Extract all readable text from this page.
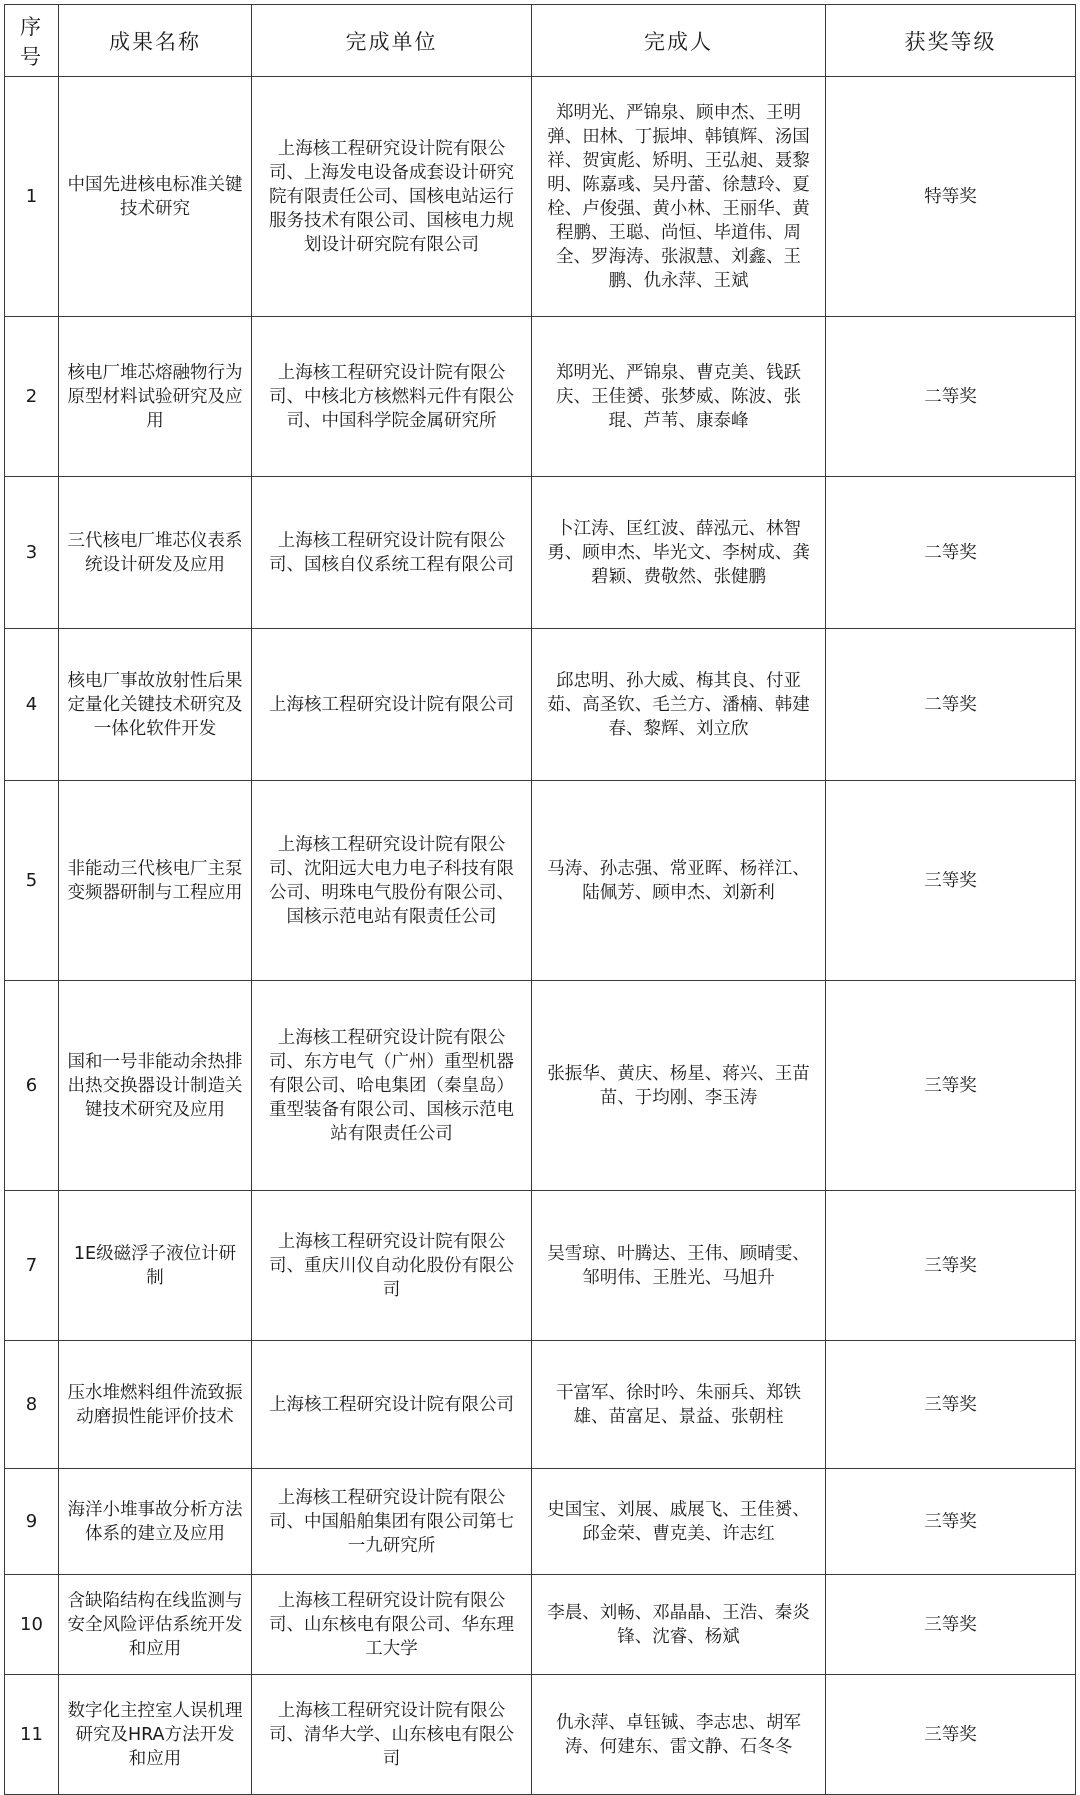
序号	成果名称	完成单位	完成人	获奖等级
1	中国先进核电标准关键技术研究	上海核工程研究设计院有限公司、上海发电设备成套设计研究院有限责任公司、国核电站运行服务技术有限公司、国核电力规划设计研究院有限公司	郑明光、严锦泉、顾申杰、王明弹、田林、丁振坤、韩镇辉、汤国祥、贺寅彪、矫明、王弘昶、聂黎明、陈嘉彧、吴丹蕾、徐慧玲、夏栓、卢俊强、黄小林、王丽华、黄程鹏、王聪、尚恒、毕道伟、周全、罗海涛、张淑慧、刘鑫、王鹏、仇永萍、王斌	特等奖
2	核电厂堆芯熔融物行为原型材料试验研究及应用	上海核工程研究设计院有限公司、中核北方核燃料元件有限公司、中国科学院金属研究所	郑明光、严锦泉、曹克美、钱跃庆、王佳赟、张梦威、陈波、张琨、芦苇、康泰峰	二等奖
3	三代核电厂堆芯仪表系统设计研发及应用	上海核工程研究设计院有限公司、国核自仪系统工程有限公司	卜江涛、匡红波、薛泓元、林智勇、顾申杰、毕光文、李树成、龚碧颖、费敬然、张健鹏	二等奖
4	核电厂事故放射性后果定量化关键技术研究及 一体化软件开发	上海核工程研究设计院有限公司	邱忠明、孙大威、梅其良、付亚茹、高圣钦、毛兰方、潘楠、韩建春、黎辉、刘立欣	二等奖
5	非能动三代核电厂主泵变频器研制与工程应用	上海核工程研究设计院有限公司、沈阳远大电力电子科技有限公司、明珠电气股份有限公司、国核示范电站有限责任公司	马涛、孙志强、常亚晖、杨祥江、陆佩芳、顾申杰、刘新利	三等奖
6	国和一号非能动余热排出热交换器设计制造关键技术研究及应用	上海核工程研究设计院有限公司、东方电气（广州）重型机器有限公司、哈电集团（秦皇岛）重型装备有限公司、国核示范电站有限责任公司	张振华、黄庆、杨星、蒋兴、王苗苗、于均刚、李玉涛	三等奖
7	1E级磁浮子液位计研制	上海核工程研究设计院有限公司、重庆川仪自动化股份有限公司	吴雪琼、叶腾达、王伟、顾晴雯、邹明伟、王胜光、马旭升	三等奖
8	压水堆燃料组件流致振动磨损性能评价技术	上海核工程研究设计院有限公司	干富军、徐时吟、朱丽兵、郑铁雄、苗富足、景益、张朝柱	三等奖
9	海洋小堆事故分析方法体系的建立及应用	上海核工程研究设计院有限公司、中国船舶集团有限公司第七一九研究所	史国宝、刘展、戚展飞、王佳赟、邱金荣、曹克美、许志红	三等奖
10	含缺陷结构在线监测与安全风险评估系统开发和应用	上海核工程研究设计院有限公司、山东核电有限公司、华东理工大学	李晨、刘畅、邓晶晶、王浩、秦炎锋、沈睿、杨斌	三等奖
11	数字化主控室人误机理研究及HRA方法开发和应用	上海核工程研究设计院有限公司、清华大学、山东核电有限公司	仇永萍、卓钰铖、李志忠、胡军涛、何建东、雷文静、石冬冬	三等奖
